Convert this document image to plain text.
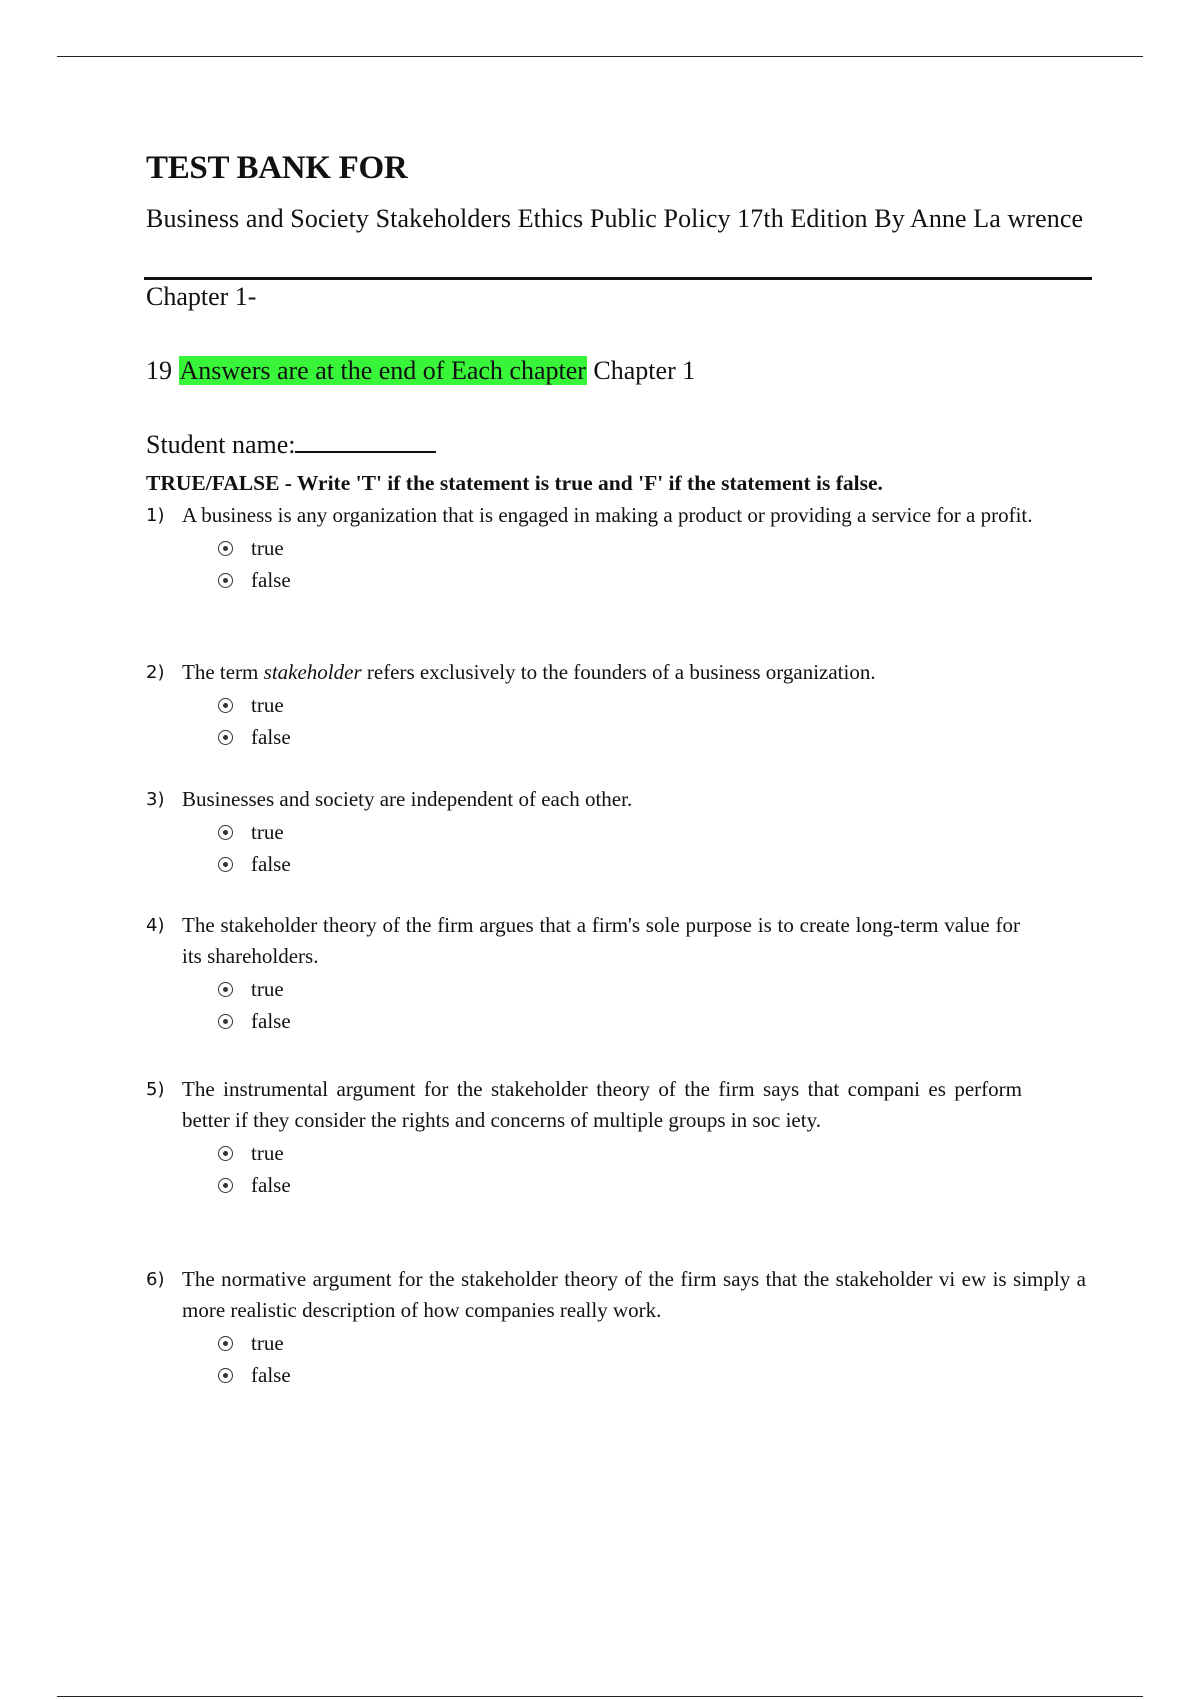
TEST BANK FOR
Business and Society Stakeholders Ethics Public Policy 17th Edition By Anne La wrence
Chapter 1-
19 Answers are at the end of Each chapter Chapter 1
Student name:
TRUE/FALSE - Write 'T' if the statement is true and 'F' if the statement is false.
1) A business is any organization that is engaged in making a product or providing a service for a profit.
true
false
2) The term stakeholder refers exclusively to the founders of a business organization.
true
false
3) Businesses and society are independent of each other.
true
false
4) The stakeholder theory of the firm argues that a firm's sole purpose is to create long-term value for its shareholders.
true
false
5) The instrumental argument for the stakeholder theory of the firm says that compani es perform better if they consider the rights and concerns of multiple groups in soc iety.
true
false
6) The normative argument for the stakeholder theory of the firm says that the stakeholder vi ew is simply a more realistic description of how companies really work.
true
false
